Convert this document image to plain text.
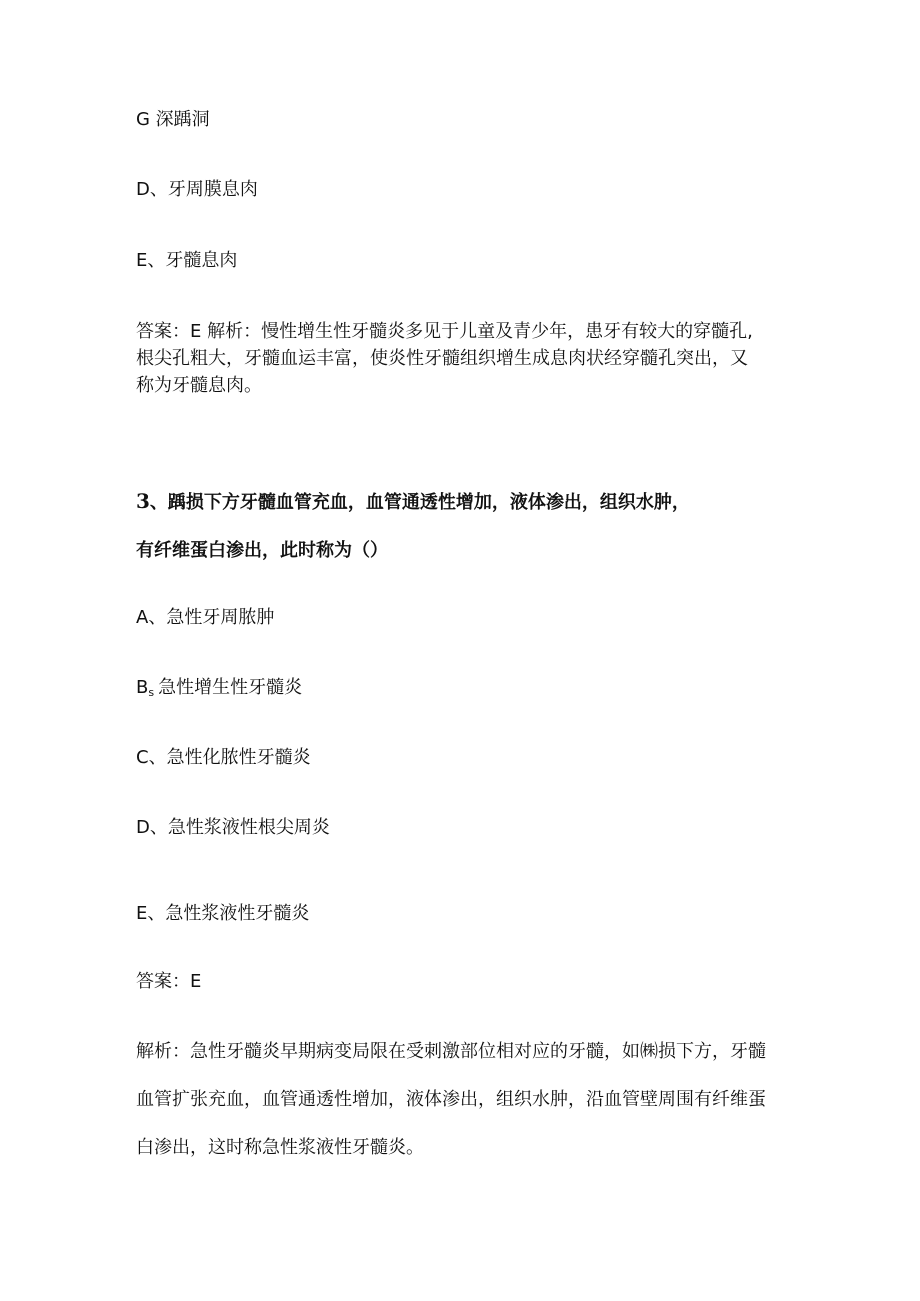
G 深踽洞
D、牙周膜息肉
E、牙髓息肉
答案：E 解析：慢性增生性牙髓炎多见于儿童及青少年，患牙有较大的穿髓孔,
根尖孔粗大，牙髓血运丰富，使炎性牙髓组织增生成息肉状经穿髓孔突出，又
称为牙髓息肉。
3、踽损下方牙髓血管充血，血管通透性增加，液体渗出，组织水肿，
有纤维蛋白渗出，此时称为（）
A、急性牙周脓肿
$B_s$ 急性增生性牙髓炎
C、急性化脓性牙髓炎
D、急性浆液性根尖周炎
E、急性浆液性牙髓炎
答案：E
解析：急性牙髓炎早期病变局限在受刺激部位相对应的牙髓，如㈱损下方，牙髓
血管扩张充血，血管通透性增加，液体渗出，组织水肿，沿血管壁周围有纤维蛋
白渗出，这时称急性浆液性牙髓炎。
